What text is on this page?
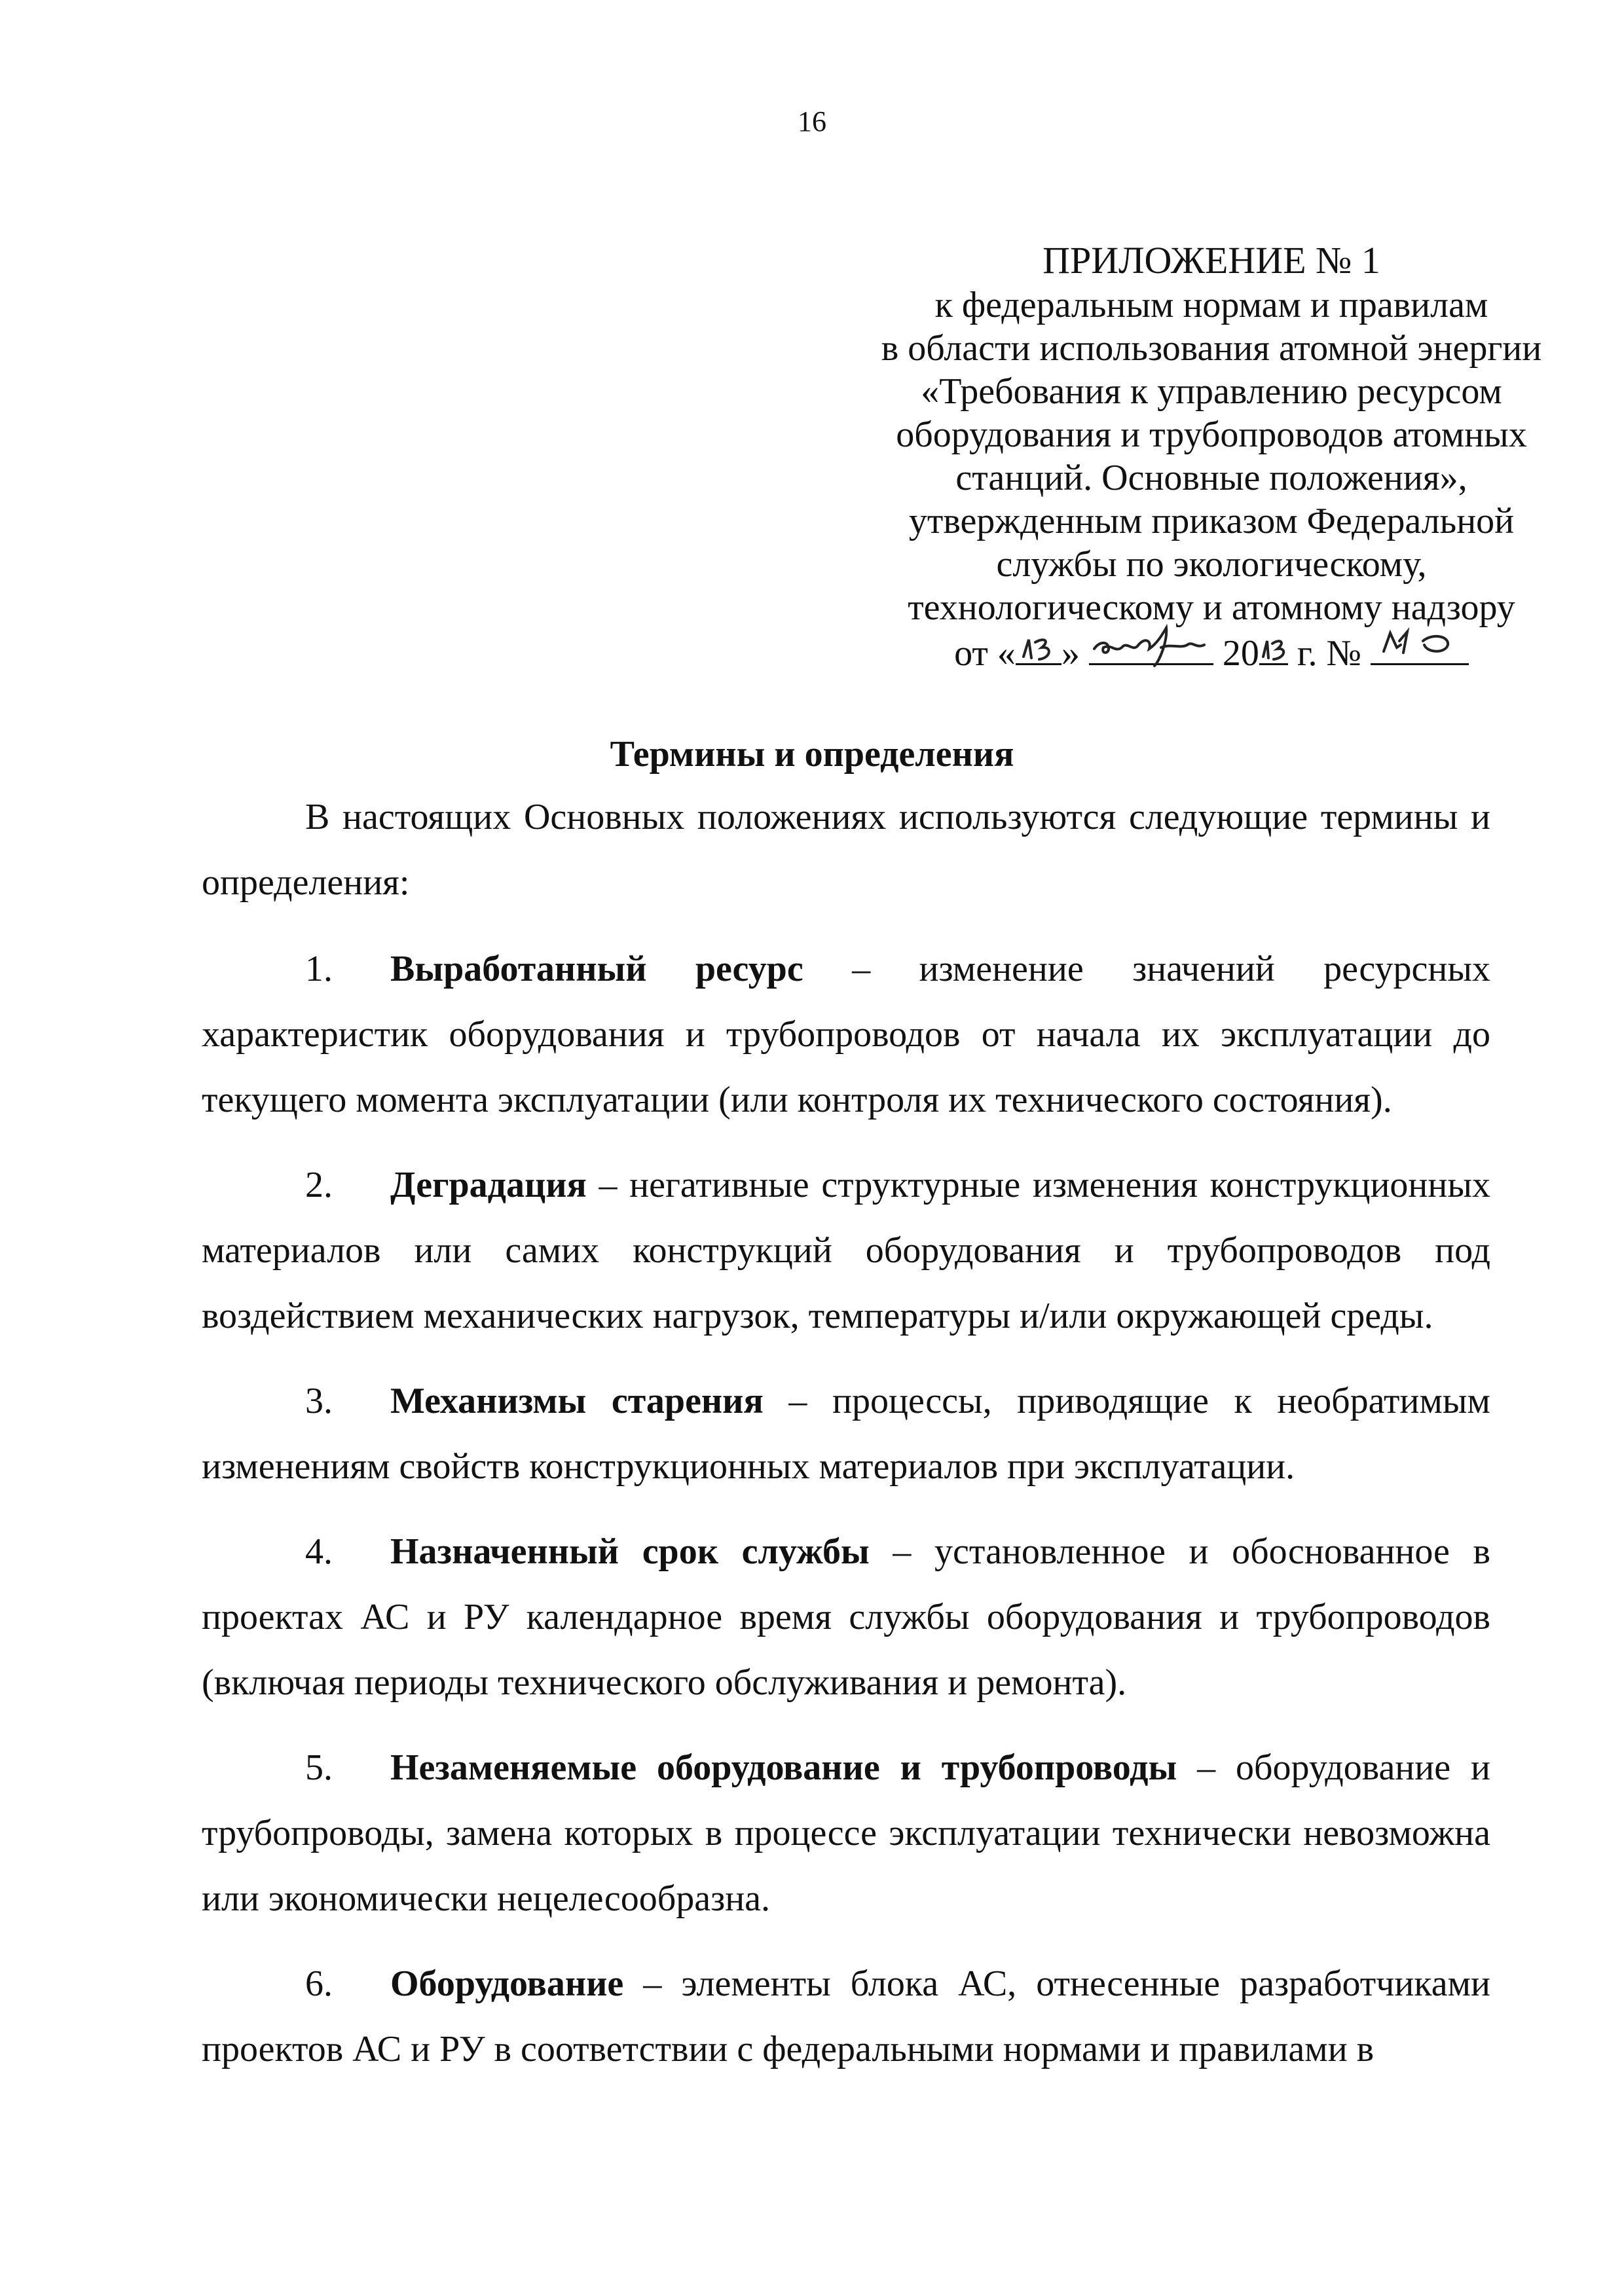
16
ПРИЛОЖЕНИЕ № 1
к федеральным нормам и правилам
в области использования атомной энергии
«Требования к управлению ресурсом
оборудования и трубопроводов атомных
станций. Основные положения»,
утвержденным приказом Федеральной
службы по экологическому,
технологическому и атомному надзору
от « »	20 г. №
Термины и определения

В настоящих Основных положениях используются следующие термины и определения:

1. Выработанный ресурс – изменение значений ресурсных характеристик оборудования и трубопроводов от начала их эксплуатации до текущего момента эксплуатации (или контроля их технического состояния).

2. Деградация – негативные структурные изменения конструкционных материалов или самих конструкций оборудования и трубопроводов под воздействием механических нагрузок, температуры и/или окружающей среды.

3. Механизмы старения – процессы, приводящие к необратимым изменениям свойств конструкционных материалов при эксплуатации.

4. Назначенный срок службы – установленное и обоснованное в проектах АС и РУ календарное время службы оборудования и трубопроводов (включая периоды технического обслуживания и ремонта).

5. Незаменяемые оборудование и трубопроводы – оборудование и трубопроводы, замена которых в процессе эксплуатации технически невозможна или экономически нецелесообразна.

6. Оборудование – элементы блока АС, отнесенные разработчиками проектов АС и РУ в соответствии с федеральными нормами и правилами в
